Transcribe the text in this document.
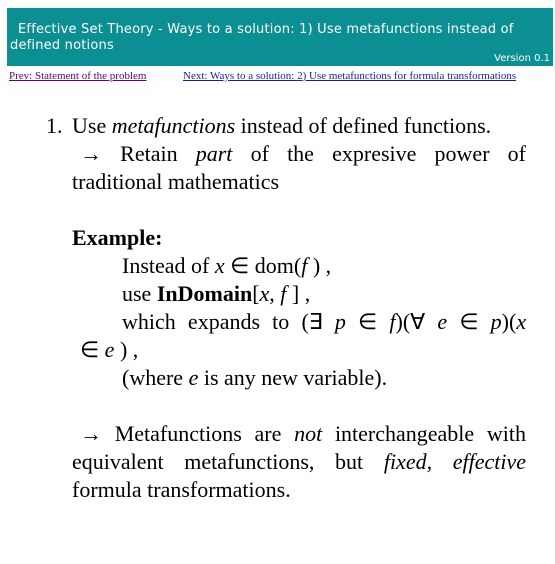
Effective Set Theory - Ways to a solution: 1) Use metafunctions instead of defined notions
Version 0.1
Prev: Statement of the problem	Next: Ways to a solution: 2) Use metafunctions for formula transformations
1. Use metafunctions instead of defined functions.
→ Retain part of the expresive power of traditional mathematics
Example:
Instead of x ∈ dom(f ) ,
use InDomain[x, f ] ,
which expands to (∃ p ∈ f)(∀ e ∈ p)(x
∈ e ) ,
(where e is any new variable).
→ Metafunctions are not interchangeable with equivalent metafunctions, but fixed, effective formula transformations.
